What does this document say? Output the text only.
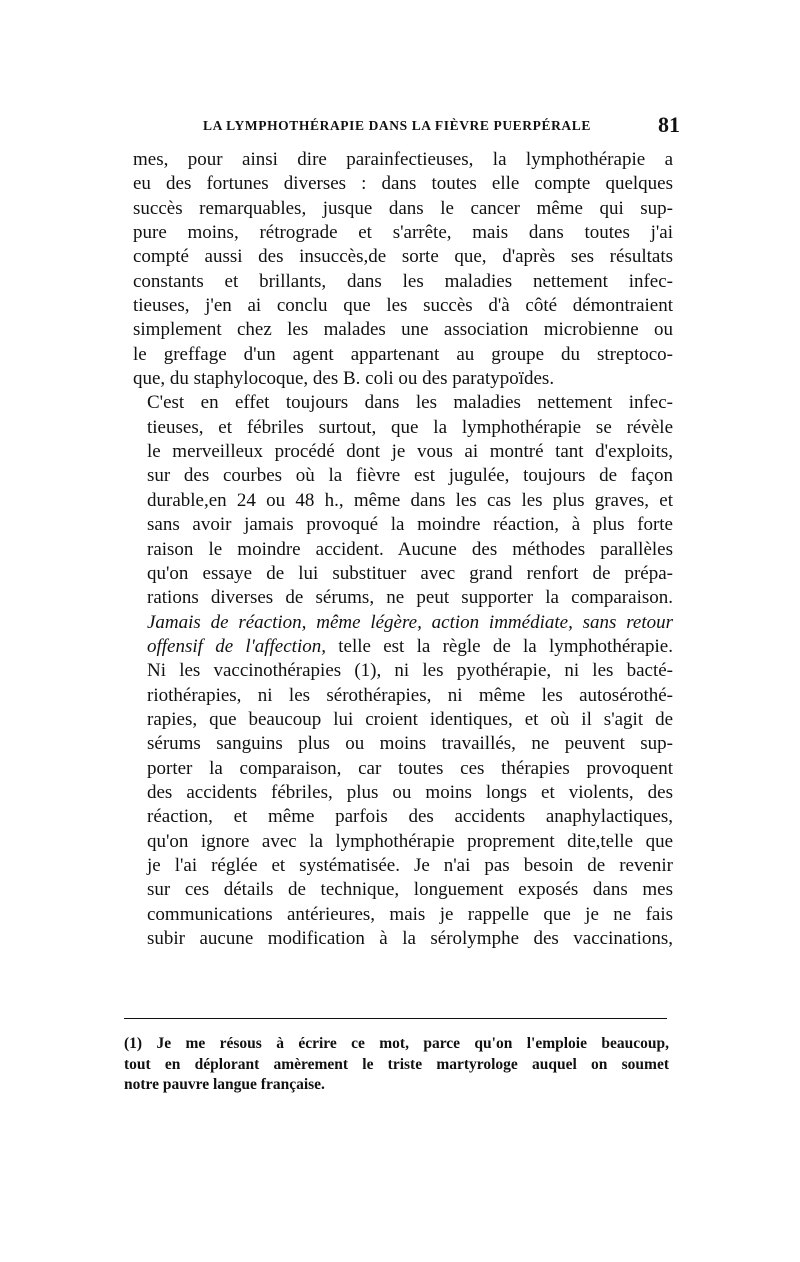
LA LYMPHOTHÉRAPIE DANS LA FIÈVRE PUERPÉRALE	81

mes, pour ainsi dire parainfectieuses, la lymphothérapie a
eu des fortunes diverses : dans toutes elle compte quelques
succès remarquables, jusque dans le cancer même qui sup-
pure moins, rétrograde et s'arrête, mais dans toutes j'ai
compté aussi des insuccès,de sorte que, d'après ses résultats
constants et brillants, dans les maladies nettement infec-
tieuses, j'en ai conclu que les succès d'à côté démontraient
simplement chez les malades une association microbienne ou
le greffage d'un agent appartenant au groupe du streptoco-
que, du staphylocoque, des B. coli ou des paratypoïdes.

C'est en effet toujours dans les maladies nettement infec-
tieuses, et fébriles surtout, que la lymphothérapie se révèle
le merveilleux procédé dont je vous ai montré tant d'exploits,
sur des courbes où la fièvre est jugulée, toujours de façon
durable,en 24 ou 48 h., même dans les cas les plus graves, et
sans avoir jamais provoqué la moindre réaction, à plus forte
raison le moindre accident. Aucune des méthodes parallèles
qu'on essaye de lui substituer avec grand renfort de prépa-
rations diverses de sérums, ne peut supporter la comparaison.
Jamais de réaction, même légère, action immédiate, sans retour
offensif de l'affection, telle est la règle de la lymphothérapie.
Ni les vaccinothérapies (1), ni les pyothérapie, ni les bacté-
riothérapies, ni les sérothérapies, ni même les autosérothé-
rapies, que beaucoup lui croient identiques, et où il s'agit de
sérums sanguins plus ou moins travaillés, ne peuvent sup-
porter la comparaison, car toutes ces thérapies provoquent
des accidents fébriles, plus ou moins longs et violents, des
réaction, et même parfois des accidents anaphylactiques,
qu'on ignore avec la lymphothérapie proprement dite,telle que
je l'ai réglée et systématisée. Je n'ai pas besoin de revenir
sur ces détails de technique, longuement exposés dans mes
communications antérieures, mais je rappelle que je ne fais
subir aucune modification à la sérolymphe des vaccinations,

(1) Je me résous à écrire ce mot, parce qu'on l'emploie beaucoup,
tout en déplorant amèrement le triste martyrologe auquel on soumet
notre pauvre langue française.
